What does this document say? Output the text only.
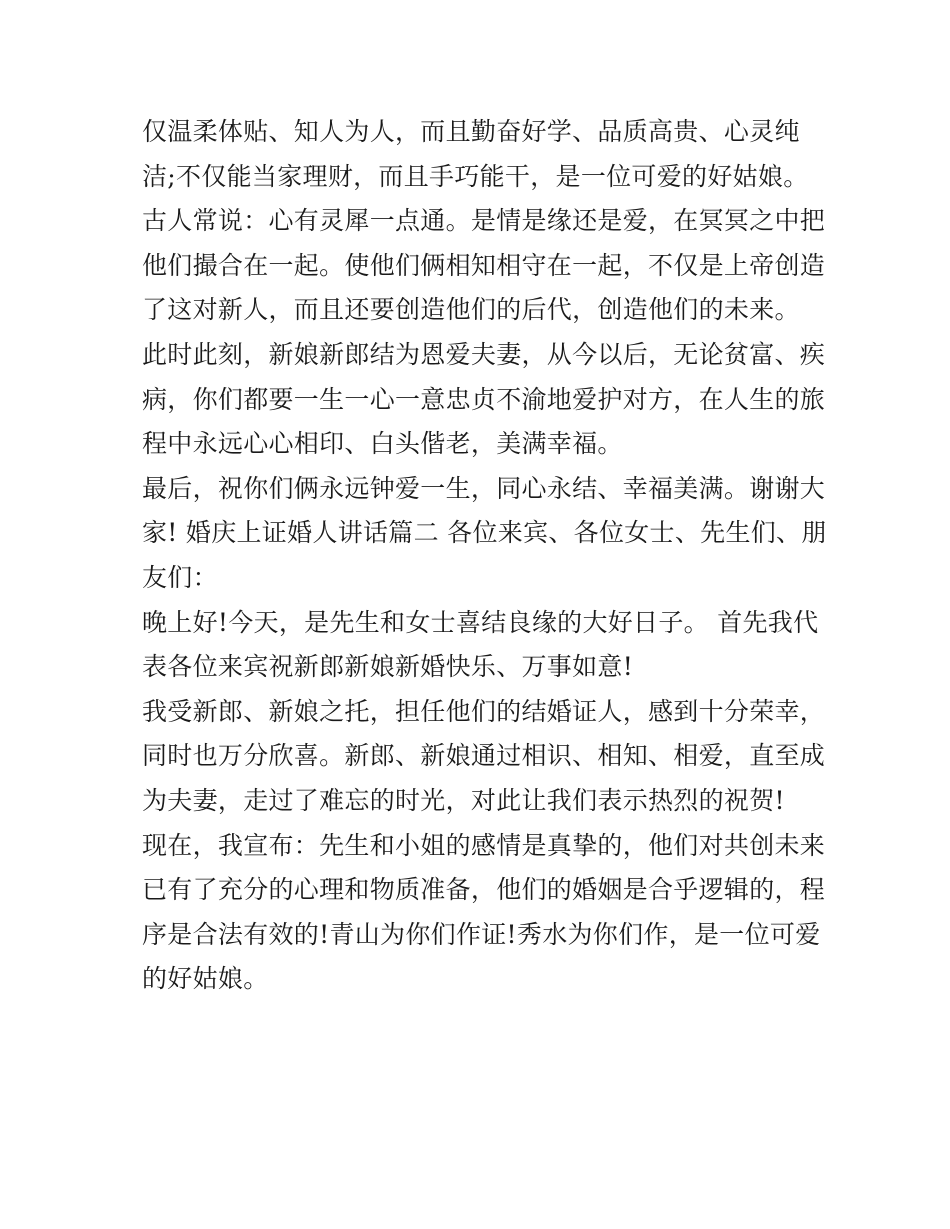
仅温柔体贴、知人为人，而且勤奋好学、品质高贵、心灵纯
洁;不仅能当家理财，而且手巧能干，是一位可爱的好姑娘。
古人常说：心有灵犀一点通。是情是缘还是爱，在冥冥之中把
他们撮合在一起。使他们俩相知相守在一起，不仅是上帝创造
了这对新人，而且还要创造他们的后代，创造他们的未来。
此时此刻，新娘新郎结为恩爱夫妻，从今以后，无论贫富、疾
病，你们都要一生一心一意忠贞不渝地爱护对方，在人生的旅
程中永远心心相印、白头偕老，美满幸福。
最后，祝你们俩永远钟爱一生，同心永结、幸福美满。谢谢大
家! 婚庆上证婚人讲话篇二 各位来宾、各位女士、先生们、朋
友们：
晚上好!今天，是先生和女士喜结良缘的大好日子。 首先我代
表各位来宾祝新郎新娘新婚快乐、万事如意!
我受新郎、新娘之托，担任他们的结婚证人，感到十分荣幸，
同时也万分欣喜。新郎、新娘通过相识、相知、相爱，直至成
为夫妻，走过了难忘的时光，对此让我们表示热烈的祝贺!
现在，我宣布：先生和小姐的感情是真挚的，他们对共创未来
已有了充分的心理和物质准备，他们的婚姻是合乎逻辑的，程
序是合法有效的!青山为你们作证!秀水为你们作，是一位可爱
的好姑娘。
